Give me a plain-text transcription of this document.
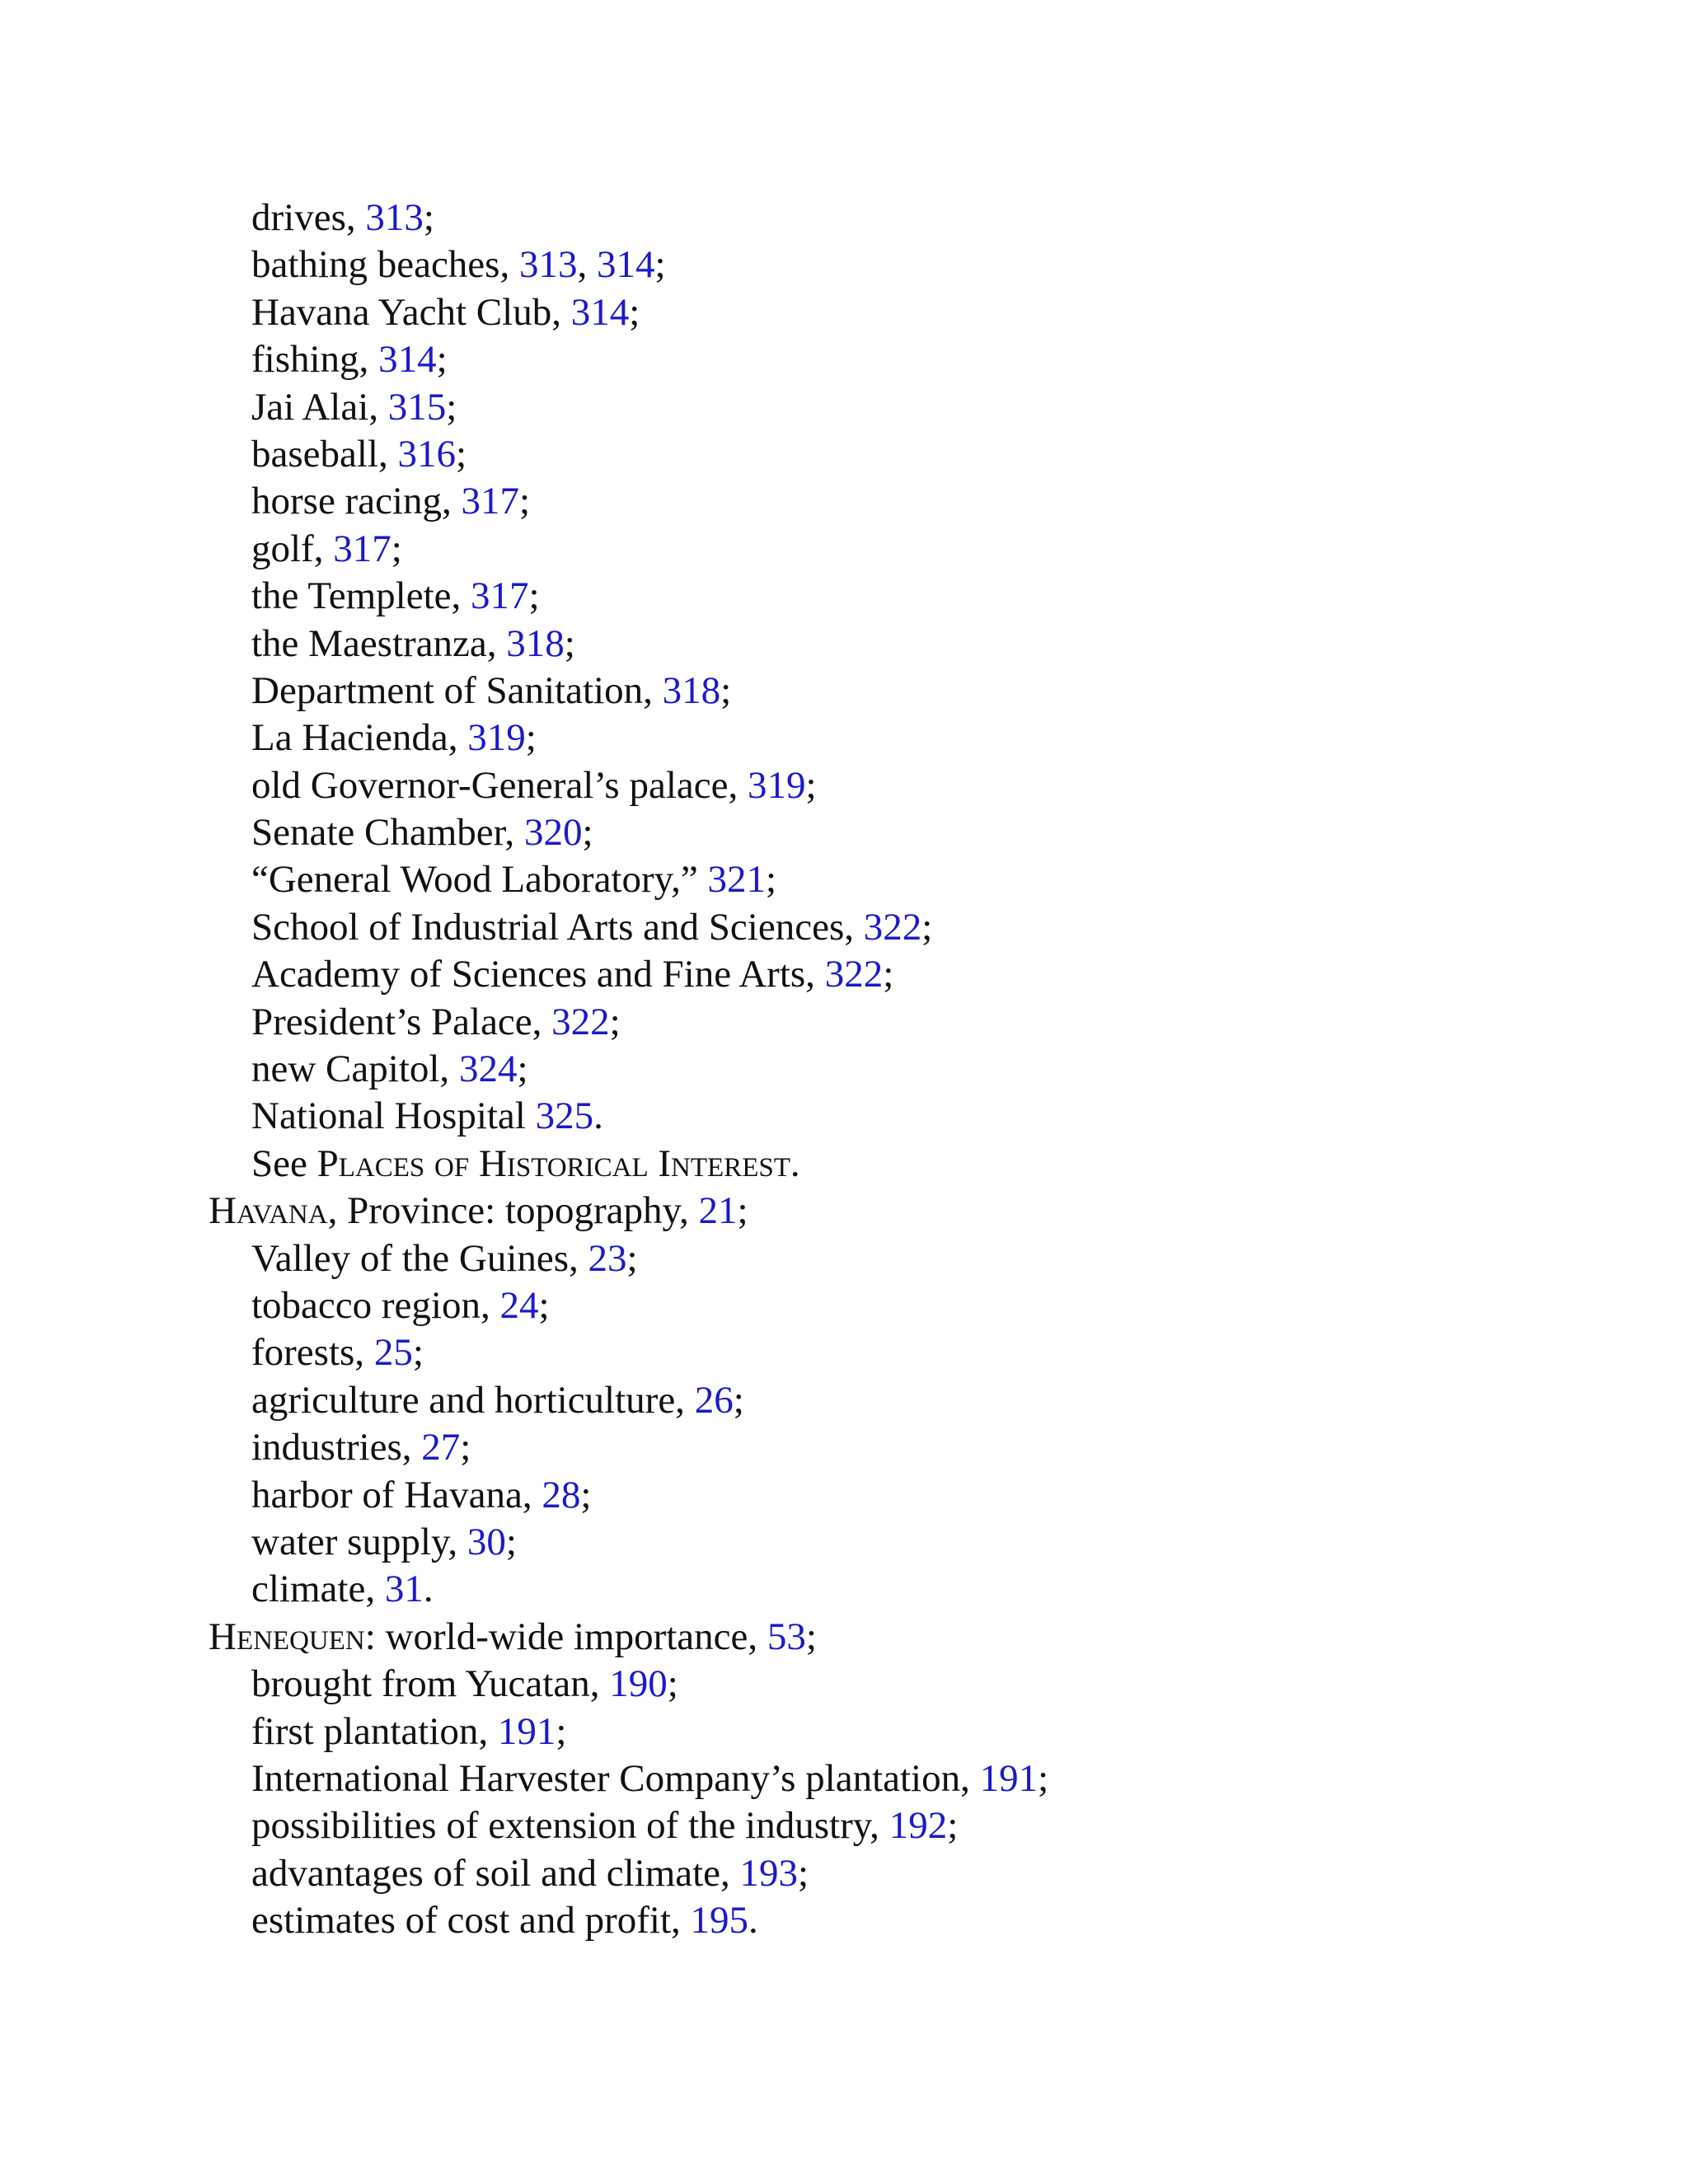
drives, 313;
bathing beaches, 313, 314;
Havana Yacht Club, 314;
fishing, 314;
Jai Alai, 315;
baseball, 316;
horse racing, 317;
golf, 317;
the Templete, 317;
the Maestranza, 318;
Department of Sanitation, 318;
La Hacienda, 319;
old Governor-General’s palace, 319;
Senate Chamber, 320;
“General Wood Laboratory,” 321;
School of Industrial Arts and Sciences, 322;
Academy of Sciences and Fine Arts, 322;
President’s Palace, 322;
new Capitol, 324;
National Hospital 325.
See Places of Historical Interest.
Havana, Province: topography, 21;
Valley of the Guines, 23;
tobacco region, 24;
forests, 25;
agriculture and horticulture, 26;
industries, 27;
harbor of Havana, 28;
water supply, 30;
climate, 31.
Henequen: world-wide importance, 53;
brought from Yucatan, 190;
first plantation, 191;
International Harvester Company’s plantation, 191;
possibilities of extension of the industry, 192;
advantages of soil and climate, 193;
estimates of cost and profit, 195.
